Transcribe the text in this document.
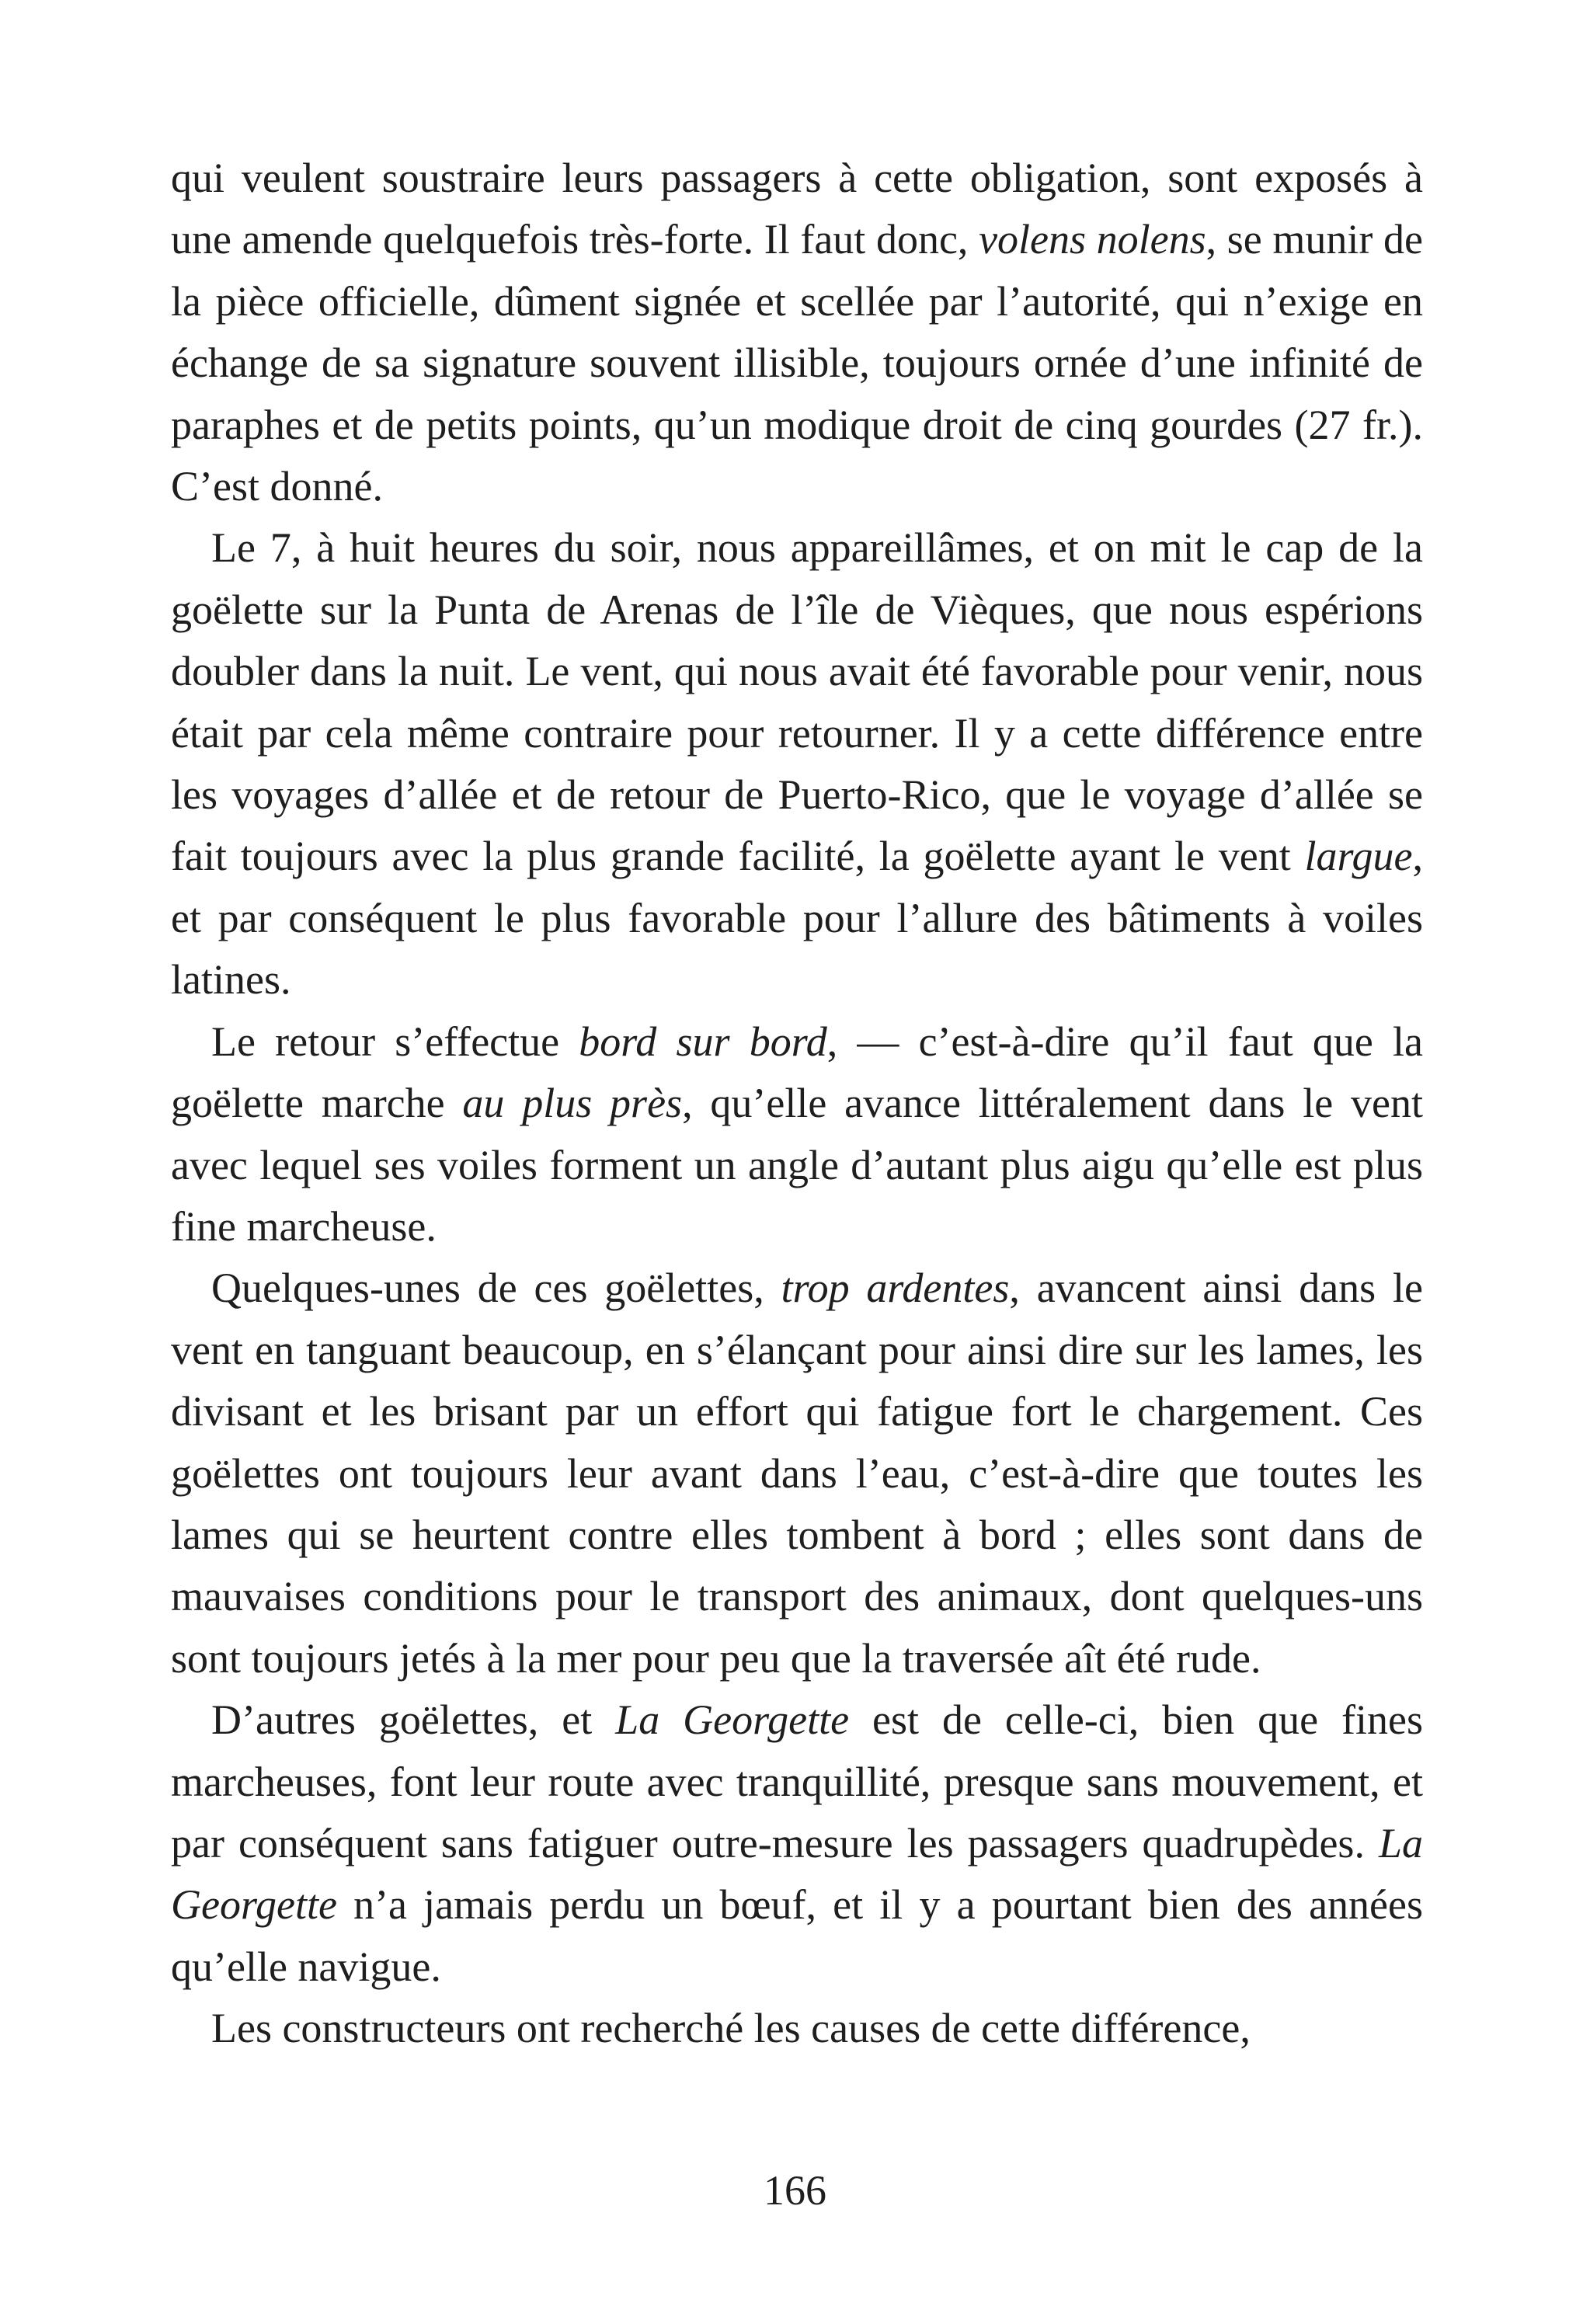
qui veulent soustraire leurs passagers à cette obligation, sont exposés à une amende quelquefois très-forte. Il faut donc, volens nolens, se munir de la pièce officielle, dûment signée et scellée par l’autorité, qui n’exige en échange de sa signature souvent illisible, toujours ornée d’une infinité de paraphes et de petits points, qu’un modique droit de cinq gourdes (27 fr.). C’est donné.

Le 7, à huit heures du soir, nous appareillâmes, et on mit le cap de la goëlette sur la Punta de Arenas de l’île de Vièques, que nous espérions doubler dans la nuit. Le vent, qui nous avait été favorable pour venir, nous était par cela même contraire pour retourner. Il y a cette différence entre les voyages d’allée et de retour de Puerto-Rico, que le voyage d’allée se fait toujours avec la plus grande facilité, la goëlette ayant le vent largue, et par conséquent le plus favorable pour l’allure des bâtiments à voiles latines.

Le retour s’effectue bord sur bord, — c’est-à-dire qu’il faut que la goëlette marche au plus près, qu’elle avance littéralement dans le vent avec lequel ses voiles forment un angle d’autant plus aigu qu’elle est plus fine marcheuse.

Quelques-unes de ces goëlettes, trop ardentes, avancent ainsi dans le vent en tanguant beaucoup, en s’élançant pour ainsi dire sur les lames, les divisant et les brisant par un effort qui fatigue fort le chargement. Ces goëlettes ont toujours leur avant dans l’eau, c’est-à-dire que toutes les lames qui se heurtent contre elles tombent à bord ; elles sont dans de mauvaises conditions pour le transport des animaux, dont quelques-uns sont toujours jetés à la mer pour peu que la traversée aît été rude.

D’autres goëlettes, et La Georgette est de celle-ci, bien que fines marcheuses, font leur route avec tranquillité, presque sans mouvement, et par conséquent sans fatiguer outre-mesure les passagers quadrupèdes. La Georgette n’a jamais perdu un bœuf, et il y a pourtant bien des années qu’elle navigue.

Les constructeurs ont recherché les causes de cette différence,

166
